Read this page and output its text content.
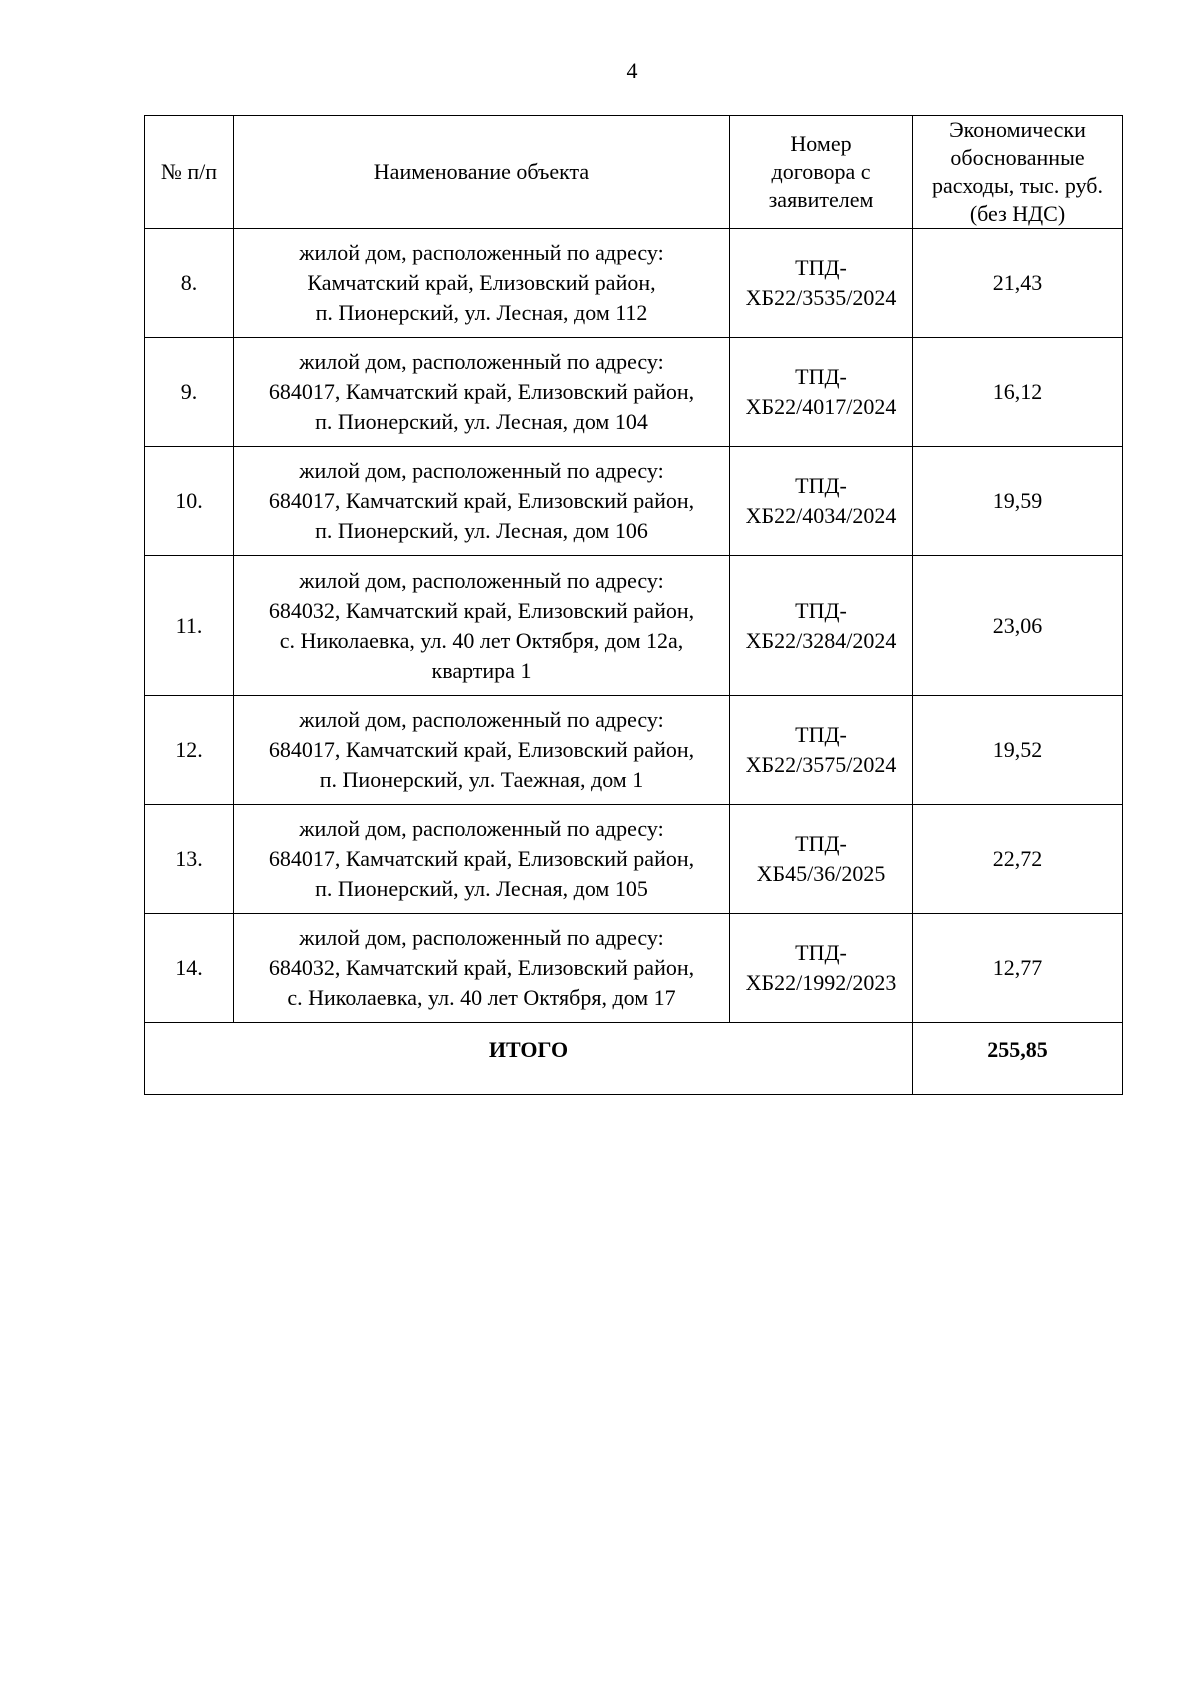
4
№ п/п	Наименование объекта	Номер
договора с
заявителем	Экономически
обоснованные
расходы, тыс. руб.
(без НДС)

8.	жилой дом, расположенный по адресу:
Камчатский край, Елизовский район,
п. Пионерский, ул. Лесная, дом 112	ТПД-
ХБ22/3535/2024	21,43
9.	жилой дом, расположенный по адресу:
684017, Камчатский край, Елизовский район,
п. Пионерский, ул. Лесная, дом 104	ТПД-
ХБ22/4017/2024	16,12
10.	жилой дом, расположенный по адресу:
684017, Камчатский край, Елизовский район,
п. Пионерский, ул. Лесная, дом 106	ТПД-
ХБ22/4034/2024	19,59
11.	жилой дом, расположенный по адресу:
684032, Камчатский край, Елизовский район,
с. Николаевка, ул. 40 лет Октября, дом 12а,
квартира 1	ТПД-
ХБ22/3284/2024	23,06
12.	жилой дом, расположенный по адресу:
684017, Камчатский край, Елизовский район,
п. Пионерский, ул. Таежная, дом 1	ТПД-
ХБ22/3575/2024	19,52
13.	жилой дом, расположенный по адресу:
684017, Камчатский край, Елизовский район,
п. Пионерский, ул. Лесная, дом 105	ТПД-
ХБ45/36/2025	22,72
14.	жилой дом, расположенный по адресу:
684032, Камчатский край, Елизовский район,
с. Николаевка, ул. 40 лет Октября, дом 17	ТПД-
ХБ22/1992/2023	12,77
ИТОГО			255,85
